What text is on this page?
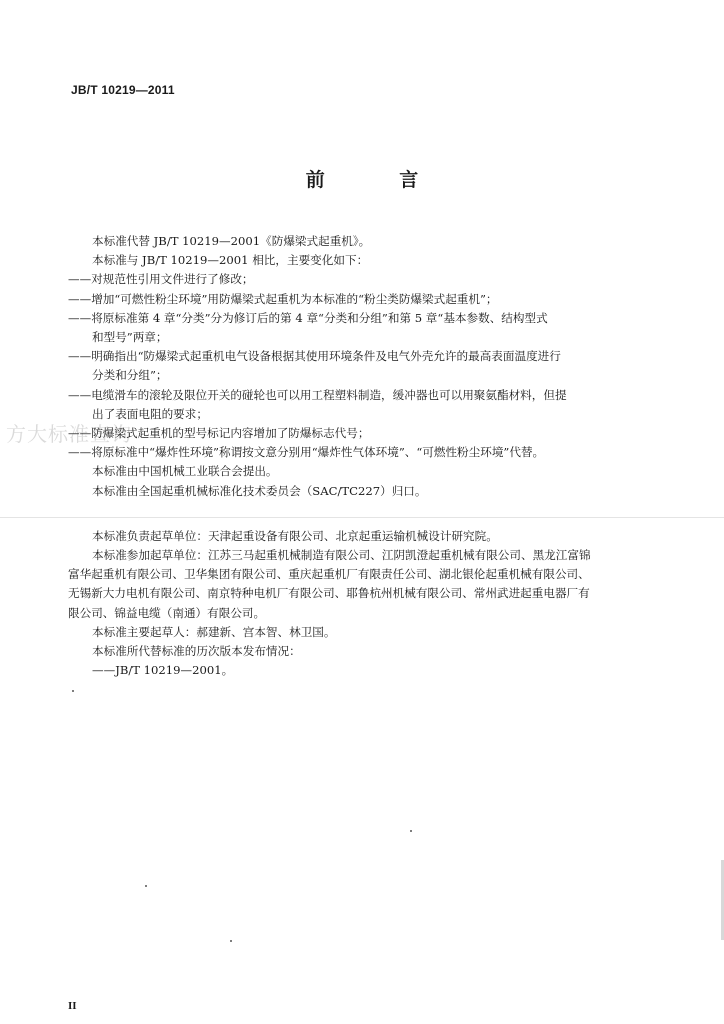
JB/T 10219—2011
前 言
方大标准查询
本标准代替 JB/T 10219—2001《防爆梁式起重机》。
本标准与 JB/T 10219—2001 相比，主要变化如下：
——对规范性引用文件进行了修改；
——增加“可燃性粉尘环境”用防爆梁式起重机为本标准的“粉尘类防爆梁式起重机”；
——将原标准第 4 章“分类”分为修订后的第 4 章“分类和分组”和第 5 章“基本参数、结构型式
和型号”两章；
——明确指出“防爆梁式起重机电气设备根据其使用环境条件及电气外壳允许的最高表面温度进行
分类和分组”；
——电缆滑车的滚轮及限位开关的碰轮也可以用工程塑料制造，缓冲器也可以用聚氨酯材料，但提
出了表面电阻的要求；
——防爆梁式起重机的型号标记内容增加了防爆标志代号；
——将原标准中“爆炸性环境”称谓按文意分别用“爆炸性气体环境”、“可燃性粉尘环境”代替。
本标准由中国机械工业联合会提出。
本标准由全国起重机械标准化技术委员会（SAC/TC227）归口。
本标准负责起草单位：天津起重设备有限公司、北京起重运输机械设计研究院。
本标准参加起草单位：江苏三马起重机械制造有限公司、江阴凯澄起重机械有限公司、黑龙江富锦
富华起重机有限公司、卫华集团有限公司、重庆起重机厂有限责任公司、湖北银伦起重机械有限公司、
无锡新大力电机有限公司、南京特种电机厂有限公司、耶鲁杭州机械有限公司、常州武进起重电器厂有
限公司、锦益电缆（南通）有限公司。
本标准主要起草人：郝建新、宫本智、林卫国。
本标准所代替标准的历次版本发布情况：
——JB/T 10219—2001。
II
